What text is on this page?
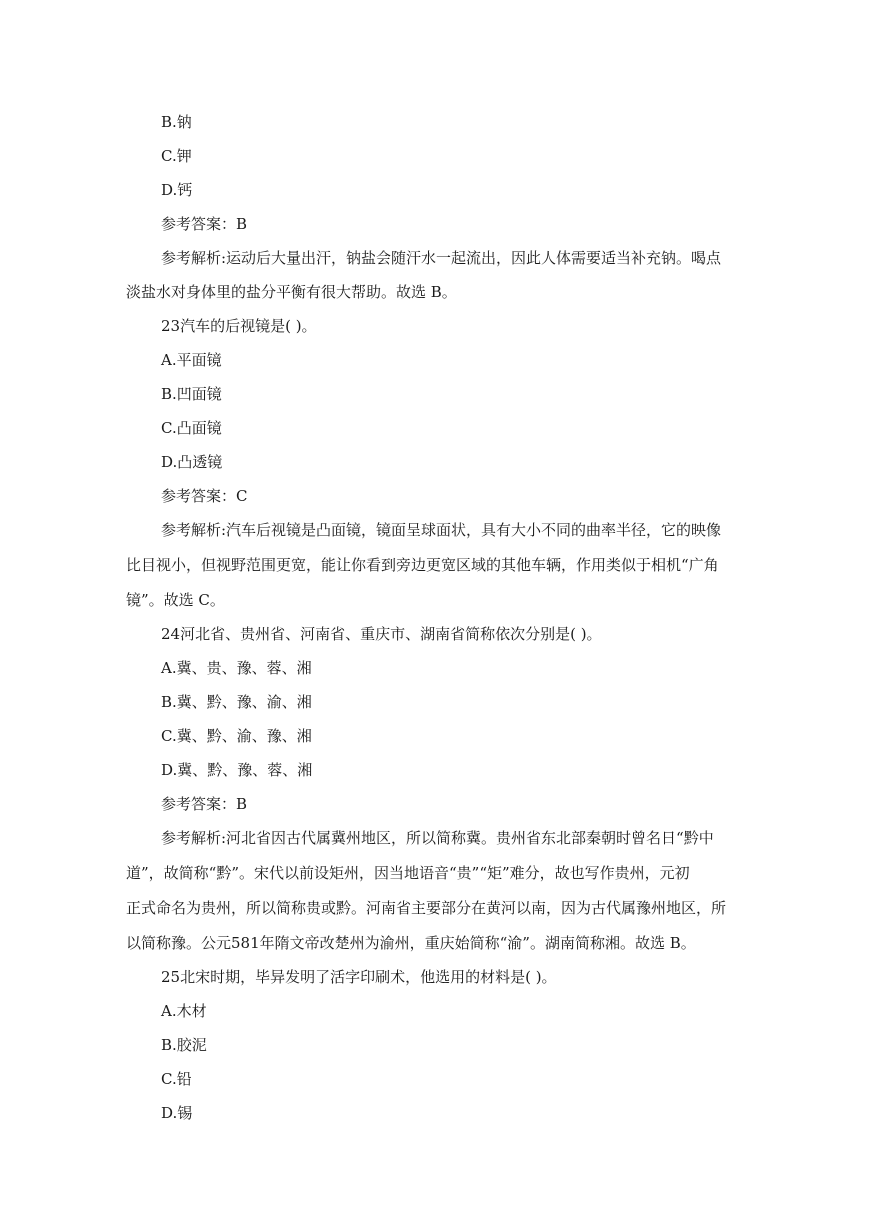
B.钠
C.钾
D.钙
参考答案：B
参考解析:运动后大量出汗，钠盐会随汗水一起流出，因此人体需要适当补充钠。喝点
淡盐水对身体里的盐分平衡有很大帮助。故选 B。
23汽车的后视镜是( )。
A.平面镜
B.凹面镜
C.凸面镜
D.凸透镜
参考答案：C
参考解析:汽车后视镜是凸面镜，镜面呈球面状，具有大小不同的曲率半径，它的映像
比目视小，但视野范围更宽，能让你看到旁边更宽区域的其他车辆，作用类似于相机“广角
镜”。故选 C。
24河北省、贵州省、河南省、重庆市、湖南省简称依次分别是( )。
A.冀、贵、豫、蓉、湘
B.冀、黔、豫、渝、湘
C.冀、黔、渝、豫、湘
D.冀、黔、豫、蓉、湘
参考答案：B
参考解析:河北省因古代属冀州地区，所以简称冀。贵州省东北部秦朝时曾名日“黔中
道”，故简称“黔”。宋代以前设矩州，因当地语音“贵”“矩”难分，故也写作贵州，元初
正式命名为贵州，所以简称贵或黔。河南省主要部分在黄河以南，因为古代属豫州地区，所
以简称豫。公元581年隋文帝改楚州为渝州，重庆始简称“渝”。湖南简称湘。故选 B。
25北宋时期，毕异发明了活字印刷术，他选用的材料是( )。
A.木材
B.胶泥
C.铅
D.锡
